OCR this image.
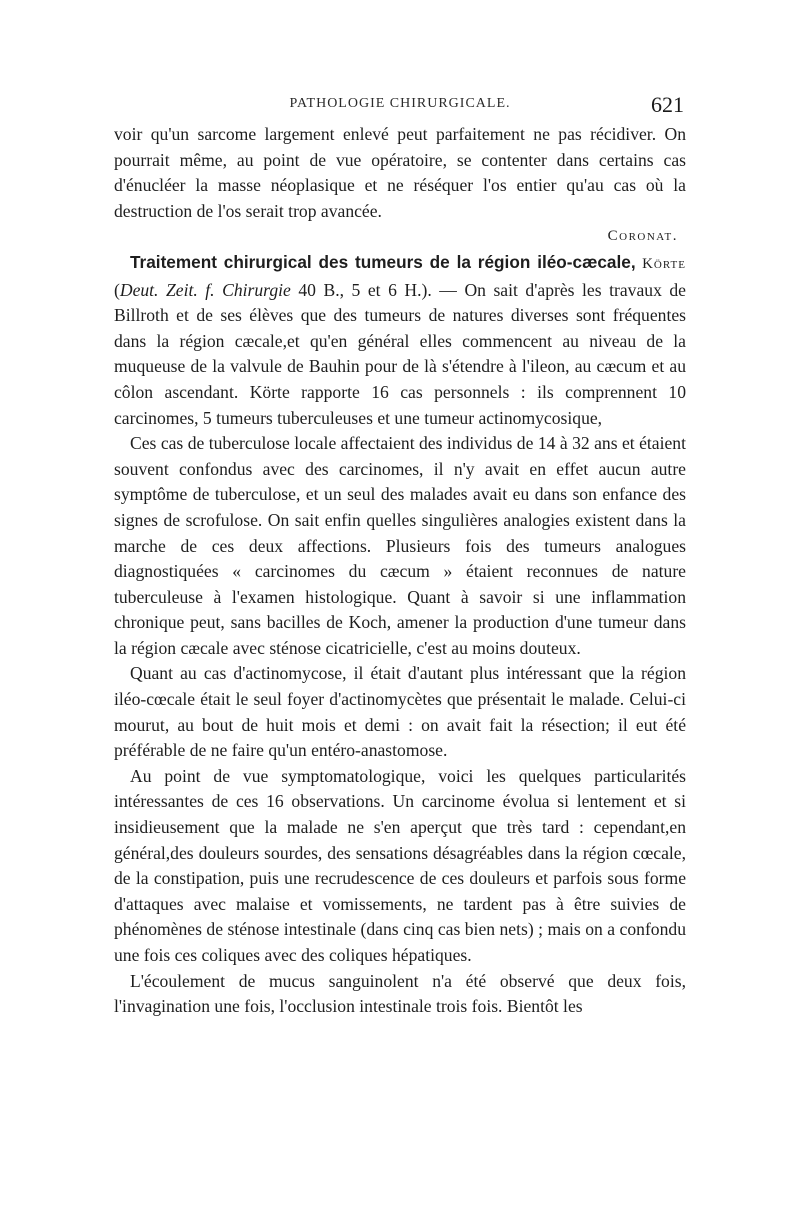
PATHOLOGIE CHIRURGICALE.	621

voir qu'un sarcome largement enlevé peut parfaitement ne pas récidiver. On pourrait même, au point de vue opératoire, se contenter dans certains cas d'énucléer la masse néoplasique et ne réséquer l'os entier qu'au cas où la destruction de l'os serait trop avancée.

Coronat.

Traitement chirurgical des tumeurs de la région iléo-cæcale, Körte (Deut. Zeit. f. Chirurgie 40 B., 5 et 6 H.). — On sait d'après les travaux de Billroth et de ses élèves que des tumeurs de natures diverses sont fréquentes dans la région cæcale,et qu'en général elles commencent au niveau de la muqueuse de la valvule de Bauhin pour de là s'étendre à l'ileon, au cæcum et au côlon ascendant. Körte rapporte 16 cas personnels : ils comprennent 10 carcinomes, 5 tumeurs tuberculeuses et une tumeur actinomycosique,

Ces cas de tuberculose locale affectaient des individus de 14 à 32 ans et étaient souvent confondus avec des carcinomes, il n'y avait en effet aucun autre symptôme de tuberculose, et un seul des malades avait eu dans son enfance des signes de scrofulose. On sait enfin quelles singulières analogies existent dans la marche de ces deux affections. Plusieurs fois des tumeurs analogues diagnostiquées « carcinomes du cæcum » étaient reconnues de nature tuberculeuse à l'examen histologique. Quant à savoir si une inflammation chronique peut, sans bacilles de Koch, amener la production d'une tumeur dans la région cæcale avec sténose cicatricielle, c'est au moins douteux.

Quant au cas d'actinomycose, il était d'autant plus intéressant que la région iléo-cœcale était le seul foyer d'actinomycètes que présentait le malade. Celui-ci mourut, au bout de huit mois et demi : on avait fait la résection; il eut été préférable de ne faire qu'un entéro-anastomose.

Au point de vue symptomatologique, voici les quelques particularités intéressantes de ces 16 observations. Un carcinome évolua si lentement et si insidieusement que la malade ne s'en aperçut que très tard : cependant,en général,des douleurs sourdes, des sensations désagréables dans la région cœcale, de la constipation, puis une recrudescence de ces douleurs et parfois sous forme d'attaques avec malaise et vomissements, ne tardent pas à être suivies de phénomènes de sténose intestinale (dans cinq cas bien nets) ; mais on a confondu une fois ces coliques avec des coliques hépatiques.

L'écoulement de mucus sanguinolent n'a été observé que deux fois, l'invagination une fois, l'occlusion intestinale trois fois. Bientôt les
